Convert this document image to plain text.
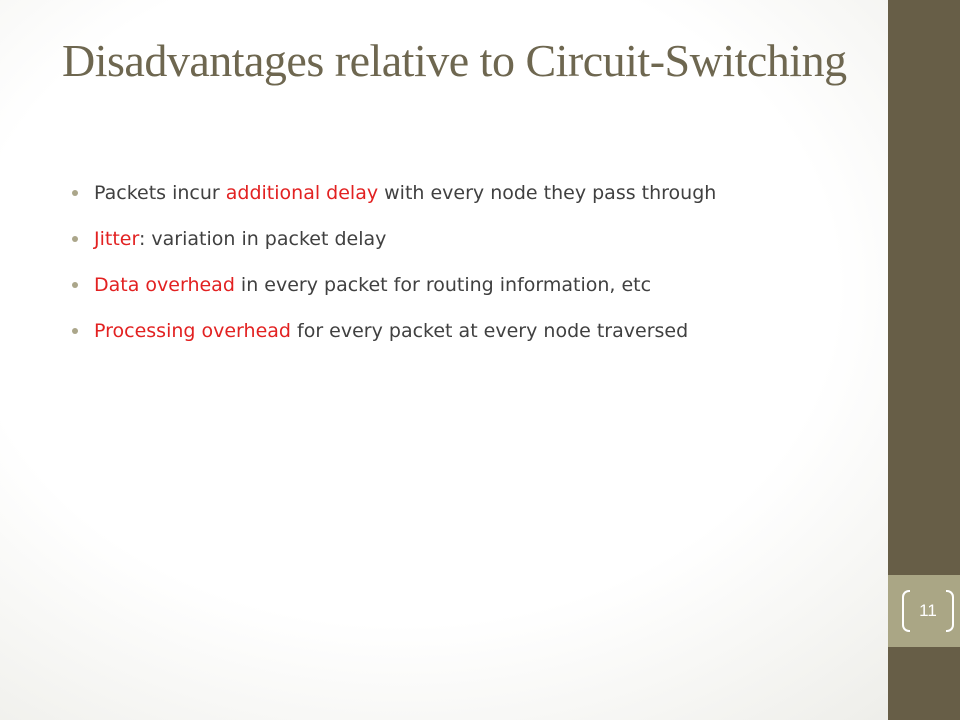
Disadvantages relative to Circuit-Switching
Packets incur additional delay with every node they pass through
Jitter: variation in packet delay
Data overhead in every packet for routing information, etc
Processing overhead for every packet at every node traversed
11
